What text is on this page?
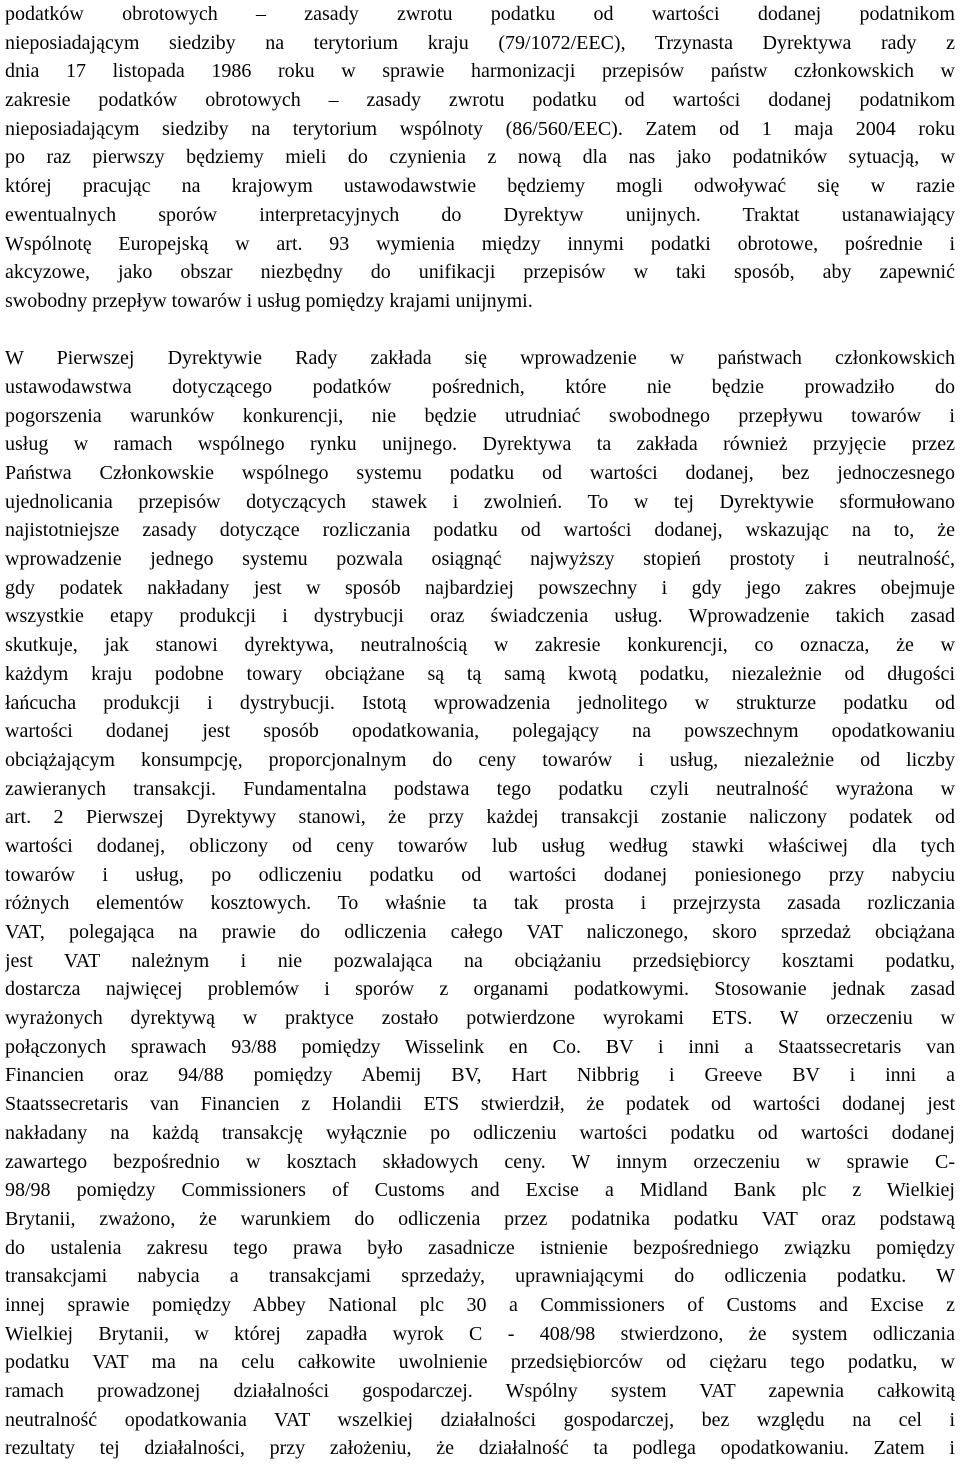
podatków obrotowych – zasady zwrotu podatku od wartości dodanej podatnikom
nieposiadającym siedziby na terytorium kraju (79/1072/EEC), Trzynasta Dyrektywa rady z
dnia 17 listopada 1986 roku w sprawie harmonizacji przepisów państw członkowskich w
zakresie podatków obrotowych – zasady zwrotu podatku od wartości dodanej podatnikom
nieposiadającym siedziby na terytorium wspólnoty (86/560/EEC). Zatem od 1 maja 2004 roku
po raz pierwszy będziemy mieli do czynienia z nową dla nas jako podatników sytuacją, w
której pracując na krajowym ustawodawstwie będziemy mogli odwoływać się w razie
ewentualnych sporów interpretacyjnych do Dyrektyw unijnych. Traktat ustanawiający
Wspólnotę Europejską w art. 93 wymienia między innymi podatki obrotowe, pośrednie i
akcyzowe, jako obszar niezbędny do unifikacji przepisów w taki sposób, aby zapewnić
swobodny przepływ towarów i usług pomiędzy krajami unijnymi.
W Pierwszej Dyrektywie Rady zakłada się wprowadzenie w państwach członkowskich
ustawodawstwa dotyczącego podatków pośrednich, które nie będzie prowadziło do
pogorszenia warunków konkurencji, nie będzie utrudniać swobodnego przepływu towarów i
usług w ramach wspólnego rynku unijnego. Dyrektywa ta zakłada również przyjęcie przez
Państwa Członkowskie wspólnego systemu podatku od wartości dodanej, bez jednoczesnego
ujednolicania przepisów dotyczących stawek i zwolnień. To w tej Dyrektywie sformułowano
najistotniejsze zasady dotyczące rozliczania podatku od wartości dodanej, wskazując na to, że
wprowadzenie jednego systemu pozwala osiągnąć najwyższy stopień prostoty i neutralność,
gdy podatek nakładany jest w sposób najbardziej powszechny i gdy jego zakres obejmuje
wszystkie etapy produkcji i dystrybucji oraz świadczenia usług. Wprowadzenie takich zasad
skutkuje, jak stanowi dyrektywa, neutralnością w zakresie konkurencji, co oznacza, że w
każdym kraju podobne towary obciążane są tą samą kwotą podatku, niezależnie od długości
łańcucha produkcji i dystrybucji. Istotą wprowadzenia jednolitego w strukturze podatku od
wartości dodanej jest sposób opodatkowania, polegający na powszechnym opodatkowaniu
obciążającym konsumpcję, proporcjonalnym do ceny towarów i usług, niezależnie od liczby
zawieranych transakcji. Fundamentalna podstawa tego podatku czyli neutralność wyrażona w
art. 2 Pierwszej Dyrektywy stanowi, że przy każdej transakcji zostanie naliczony podatek od
wartości dodanej, obliczony od ceny towarów lub usług według stawki właściwej dla tych
towarów i usług, po odliczeniu podatku od wartości dodanej poniesionego przy nabyciu
różnych elementów kosztowych. To właśnie ta tak prosta i przejrzysta zasada rozliczania
VAT, polegająca na prawie do odliczenia całego VAT naliczonego, skoro sprzedaż obciążana
jest VAT należnym i nie pozwalająca na obciążaniu przedsiębiorcy kosztami podatku,
dostarcza najwięcej problemów i sporów z organami podatkowymi. Stosowanie jednak zasad
wyrażonych dyrektywą w praktyce zostało potwierdzone wyrokami ETS. W orzeczeniu w
połączonych sprawach 93/88 pomiędzy Wisselink en Co. BV i inni a Staatssecretaris van
Financien oraz 94/88 pomiędzy Abemij BV, Hart Nibbrig i Greeve BV i inni a
Staatssecretaris van Financien z Holandii ETS stwierdził, że podatek od wartości dodanej jest
nakładany na każdą transakcję wyłącznie po odliczeniu wartości podatku od wartości dodanej
zawartego bezpośrednio w kosztach składowych ceny. W innym orzeczeniu w sprawie C-
98/98 pomiędzy Commissioners of Customs and Excise a Midland Bank plc z Wielkiej
Brytanii, zważono, że warunkiem do odliczenia przez podatnika podatku VAT oraz podstawą
do ustalenia zakresu tego prawa było zasadnicze istnienie bezpośredniego związku pomiędzy
transakcjami nabycia a transakcjami sprzedaży, uprawniającymi do odliczenia podatku. W
innej sprawie pomiędzy Abbey National plc 30 a Commissioners of Customs and Excise z
Wielkiej Brytanii, w której zapadła wyrok C - 408/98 stwierdzono, że system odliczania
podatku VAT ma na celu całkowite uwolnienie przedsiębiorców od ciężaru tego podatku, w
ramach prowadzonej działalności gospodarczej. Wspólny system VAT zapewnia całkowitą
neutralność opodatkowania VAT wszelkiej działalności gospodarczej, bez względu na cel i
rezultaty tej działalności, przy założeniu, że działalność ta podlega opodatkowaniu. Zatem i
